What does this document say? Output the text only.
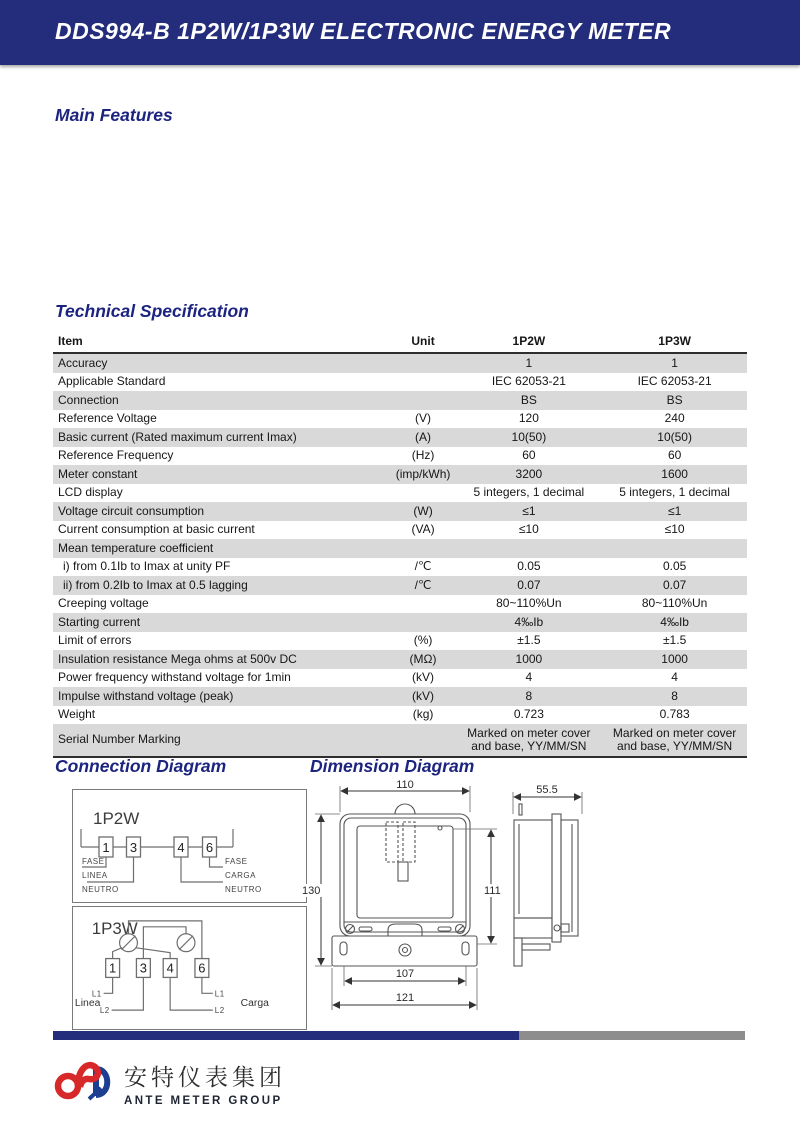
DDS994-B 1P2W/1P3W ELECTRONIC ENERGY METER
Main Features
Technical Specification
Item	Unit	1P2W	1P3W
Accuracy		1	1
Applicable Standard		IEC 62053-21	IEC 62053-21
Connection		BS	BS
Reference Voltage	(V)	120	240
Basic current (Rated maximum current Imax)	(A)	10(50)	10(50)
Reference Frequency	(Hz)	60	60
Meter constant	(imp/kWh)	3200	1600
LCD display		5 integers, 1 decimal	5 integers, 1 decimal
Voltage circuit consumption	(W)	≤1	≤1
Current consumption at basic current	(VA)	≤10	≤10
Mean temperature coefficient			
i) from 0.1Ib to Imax at unity PF	/℃	0.05	0.05
ii) from 0.2Ib to Imax at 0.5 lagging	/℃	0.07	0.07
Creeping voltage		80~110%Un	80~110%Un
Starting current		4‰Ib	4‰Ib
Limit of errors	(%)	±1.5	±1.5
Insulation resistance Mega ohms at 500v DC	(MΩ)	1000	1000
Power frequency withstand voltage for 1min	(kV)	4	4
Impulse withstand voltage (peak)	(kV)	8	8
Weight	(kg)	0.723	0.783
Serial Number Marking		Marked on meter cover and base, YY/MM/SN	Marked on meter cover and base, YY/MM/SN
Connection Diagram	Dimension Diagram
1P2W
1 3	4 6
FASE
LINEA
NEUTRO
FASE
CARGA
NEUTRO
1P3W
1 3 4 6
L1
L2
Linea
L1
L2
Carga
110
130	111
107
121
55.5
安特仪表集团
ANTE METER GROUP
